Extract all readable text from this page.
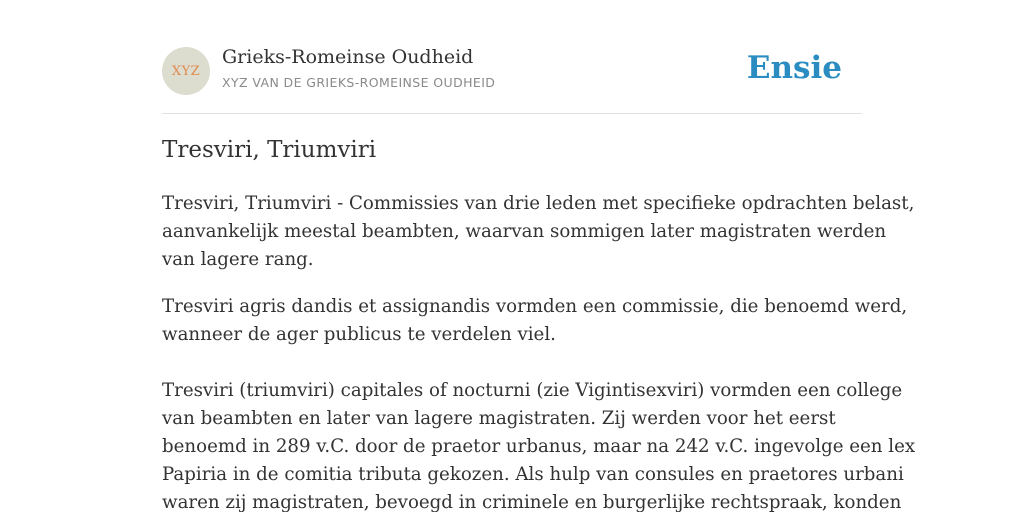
XYZ
Grieks-Romeinse Oudheid
XYZ VAN DE GRIEKS-ROMEINSE OUDHEID	Ensie
Tresviri, Triumviri
Tresviri, Triumviri - Commissies van drie leden met specifieke opdrachten belast,
aanvankelijk meestal beambten, waarvan sommigen later magistraten werden
van lagere rang.
Tresviri agris dandis et assignandis vormden een commissie, die benoemd werd,
wanneer de ager publicus te verdelen viel.
Tresviri (triumviri) capitales of nocturni (zie Vigintisexviri) vormden een college
van beambten en later van lagere magistraten. Zij werden voor het eerst
benoemd in 289 v.C. door de praetor urbanus, maar na 242 v.C. ingevolge een lex
Papiria in de comitia tributa gekozen. Als hulp van consules en praetores urbani
waren zij magistraten, bevoegd in criminele en burgerlijke rechtspraak, konden
